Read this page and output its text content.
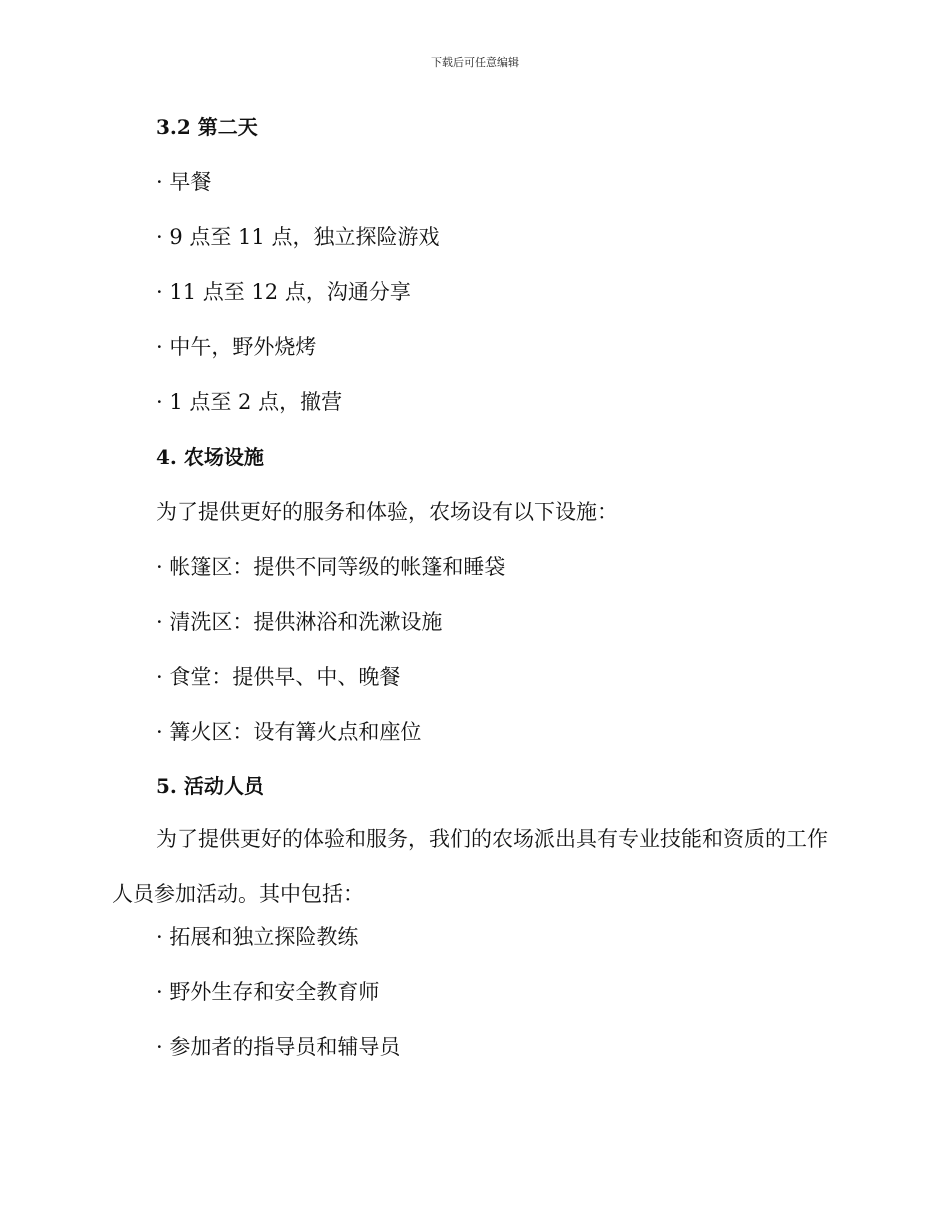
下载后可任意编辑
3.2 第二天
· 早餐
· 9 点至 11 点，独立探险游戏
· 11 点至 12 点，沟通分享
· 中午，野外烧烤
· 1 点至 2 点，撤营
4. 农场设施
为了提供更好的服务和体验，农场设有以下设施：
· 帐篷区：提供不同等级的帐篷和睡袋
· 清洗区：提供淋浴和洗漱设施
· 食堂：提供早、中、晚餐
· 篝火区：设有篝火点和座位
5. 活动人员

为了提供更好的体验和服务，我们的农场派出具有专业技能和资质的工作人员参加活动。其中包括：

· 拓展和独立探险教练
· 野外生存和安全教育师
· 参加者的指导员和辅导员
